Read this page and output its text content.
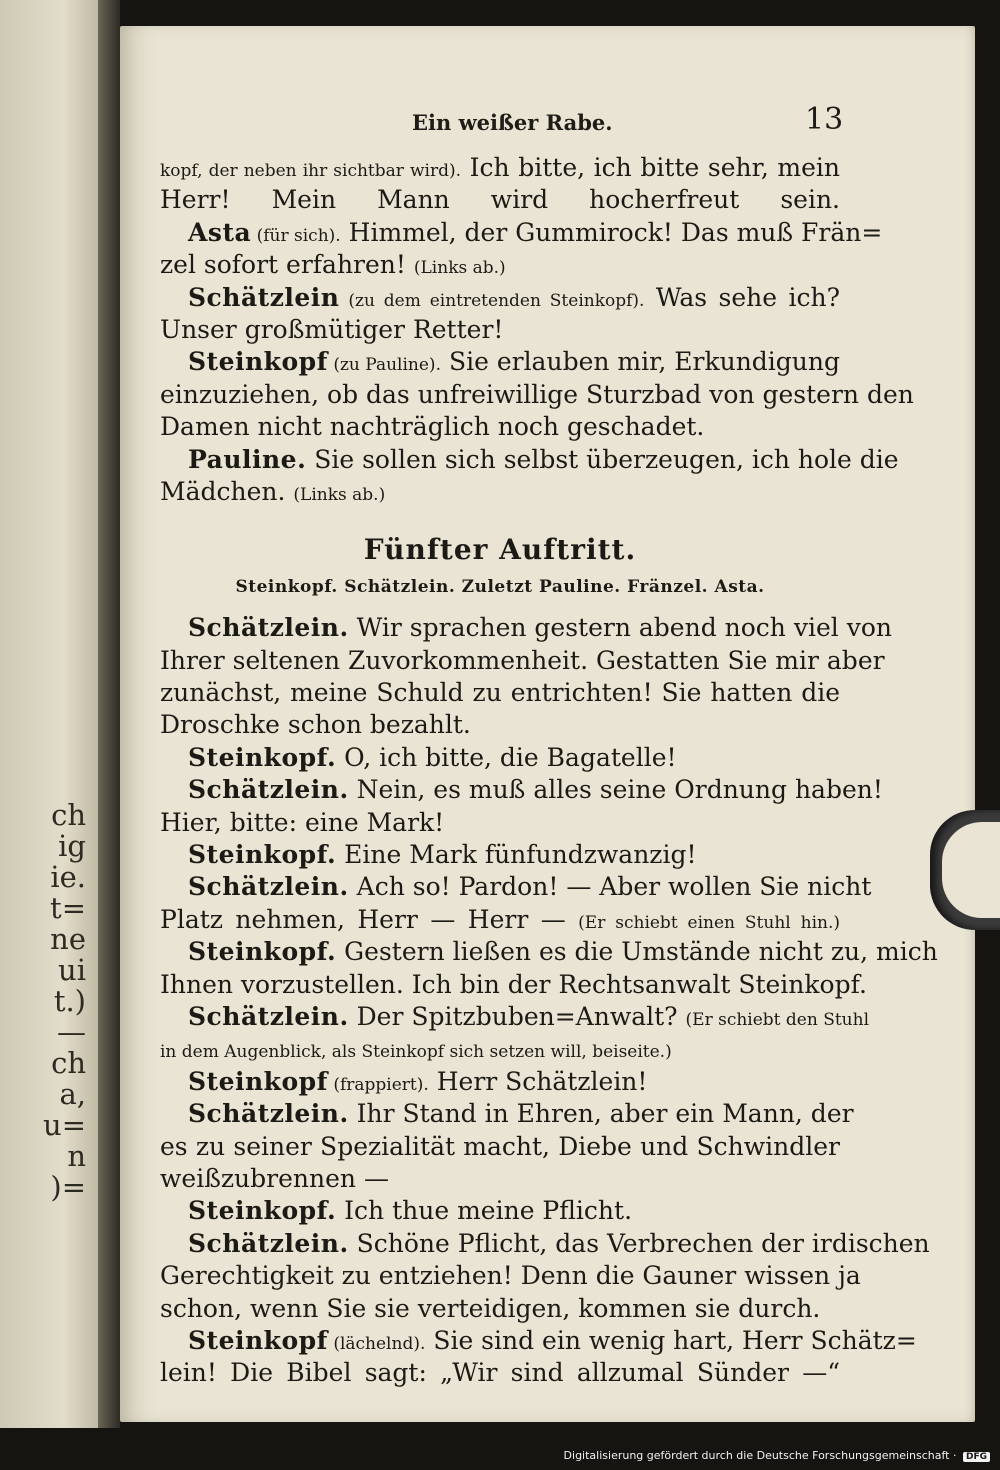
ch
ig
ie.
t=
ne
ui
t.)
—
ch
a,
u=
n
)=
Ein weißer Rabe.	13
kopf, der neben ihr sichtbar wird). Ich bitte, ich bitte sehr, mein
Herr! Mein Mann wird hocherfreut sein.
Asta (für sich). Himmel, der Gummirock! Das muß Frän=
zel sofort erfahren! (Links ab.)
Schätzlein (zu dem eintretenden Steinkopf). Was sehe ich?
Unser großmütiger Retter!
Steinkopf (zu Pauline). Sie erlauben mir, Erkundigung
einzuziehen, ob das unfreiwillige Sturzbad von gestern den
Damen nicht nachträglich noch geschadet.
Pauline. Sie sollen sich selbst überzeugen, ich hole die
Mädchen. (Links ab.)
Fünfter Auftritt.
Steinkopf. Schätzlein. Zuletzt Pauline. Fränzel. Asta.
Schätzlein. Wir sprachen gestern abend noch viel von
Ihrer seltenen Zuvorkommenheit. Gestatten Sie mir aber
zunächst, meine Schuld zu entrichten! Sie hatten die
Droschke schon bezahlt.
Steinkopf. O, ich bitte, die Bagatelle!
Schätzlein. Nein, es muß alles seine Ordnung haben!
Hier, bitte: eine Mark!
Steinkopf. Eine Mark fünfundzwanzig!
Schätzlein. Ach so! Pardon! — Aber wollen Sie nicht
Platz nehmen, Herr — Herr — (Er schiebt einen Stuhl hin.)
Steinkopf. Gestern ließen es die Umstände nicht zu, mich
Ihnen vorzustellen. Ich bin der Rechtsanwalt Steinkopf.
Schätzlein. Der Spitzbuben=Anwalt? (Er schiebt den Stuhl
in dem Augenblick, als Steinkopf sich setzen will, beiseite.)
Steinkopf (frappiert). Herr Schätzlein!
Schätzlein. Ihr Stand in Ehren, aber ein Mann, der
es zu seiner Spezialität macht, Diebe und Schwindler
weißzubrennen —
Steinkopf. Ich thue meine Pflicht.
Schätzlein. Schöne Pflicht, das Verbrechen der irdischen
Gerechtigkeit zu entziehen! Denn die Gauner wissen ja
schon, wenn Sie sie verteidigen, kommen sie durch.
Steinkopf (lächelnd). Sie sind ein wenig hart, Herr Schätz=
lein! Die Bibel sagt: „Wir sind allzumal Sünder —“
Digitalisierung gefördert durch die Deutsche Forschungsgemeinschaft · DFG
